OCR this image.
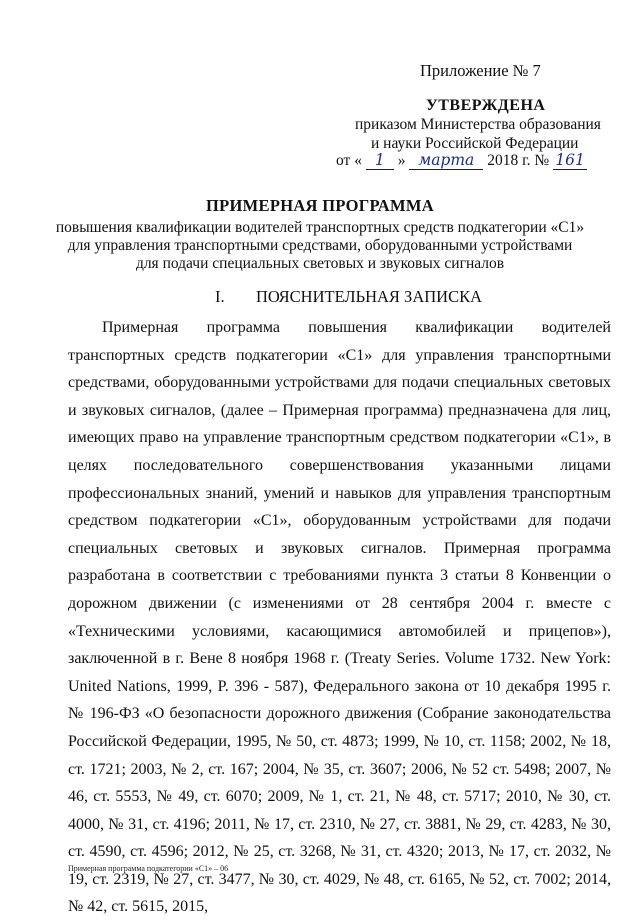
Приложение № 7
УТВЕРЖДЕНА
приказом Министерства образования
и науки Российской Федерации
от « 1 » марта 2018 г. № 161
ПРИМЕРНАЯ ПРОГРАММА
повышения квалификации водителей транспортных средств подкатегории «C1»
для управления транспортными средствами, оборудованными устройствами
для подачи специальных световых и звуковых сигналов
I. ПОЯСНИТЕЛЬНАЯ ЗАПИСКА
Примерная программа повышения квалификации водителей транспортных средств подкатегории «C1» для управления транспортными средствами, оборудованными устройствами для подачи специальных световых и звуковых сигналов, (далее – Примерная программа) предназначена для лиц, имеющих право на управление транспортным средством подкатегории «C1», в целях последовательного совершенствования указанными лицами профессиональных знаний, умений и навыков для управления транспортным средством подкатегории «C1», оборудованным устройствами для подачи специальных световых и звуковых сигналов. Примерная программа разработана в соответствии с требованиями пункта 3 статьи 8 Конвенции о дорожном движении (с изменениями от 28 сентября 2004 г. вместе с «Техническими условиями, касающимися автомобилей и прицепов»), заключенной в г. Вене 8 ноября 1968 г. (Treaty Series. Volume 1732. New York: United Nations, 1999, P. 396 - 587), Федерального закона от 10 декабря 1995 г. № 196-ФЗ «О безопасности дорожного движения (Собрание законодательства Российской Федерации, 1995, № 50, ст. 4873; 1999, № 10, ст. 1158; 2002, № 18, ст. 1721; 2003, № 2, ст. 167; 2004, № 35, ст. 3607; 2006, № 52 ст. 5498; 2007, № 46, ст. 5553, № 49, ст. 6070; 2009, № 1, ст. 21, № 48, ст. 5717; 2010, № 30, ст. 4000, № 31, ст. 4196; 2011, № 17, ст. 2310, № 27, ст. 3881, № 29, ст. 4283, № 30, ст. 4590, ст. 4596; 2012, № 25, ст. 3268, № 31, ст. 4320; 2013, № 17, ст. 2032, № 19, ст. 2319, № 27, ст. 3477, № 30, ст. 4029, № 48, ст. 6165, № 52, ст. 7002; 2014, № 42, ст. 5615, 2015,
Примерная программа подкатегории «C1» – 06
